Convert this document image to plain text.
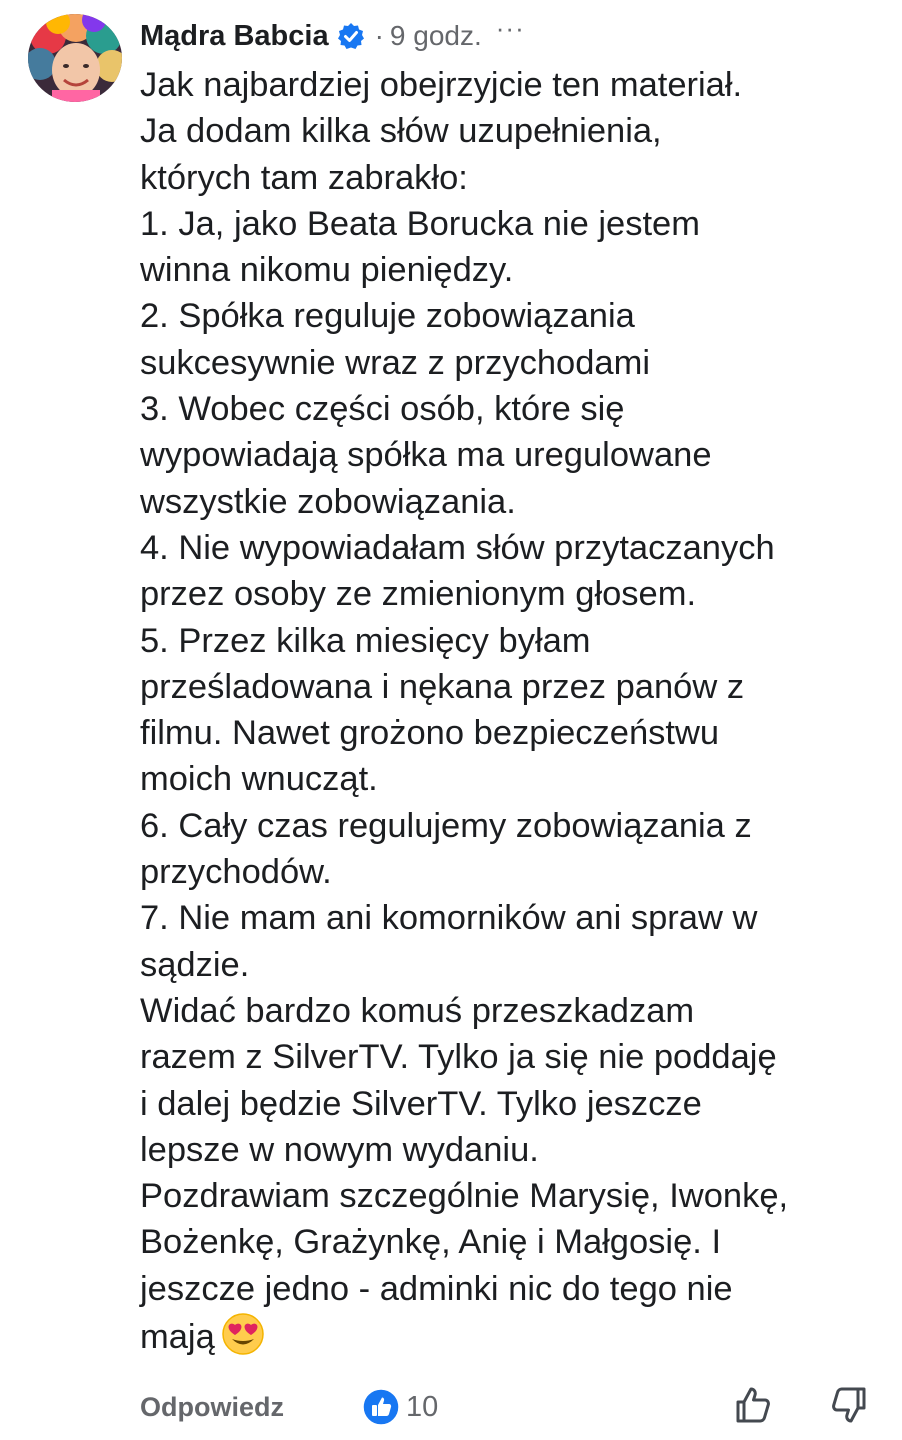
Mądra Babcia · 9 godz. ···
Jak najbardziej obejrzyjcie ten materiał.
Ja dodam kilka słów uzupełnienia,
których tam zabrakło:
1. Ja, jako Beata Borucka nie jestem
winna nikomu pieniędzy.
2. Spółka reguluje zobowiązania
sukcesywnie wraz z przychodami
3. Wobec części osób, które się
wypowiadają spółka ma uregulowane
wszystkie zobowiązania.
4. Nie wypowiadałam słów przytaczanych
przez osoby ze zmienionym głosem.
5. Przez kilka miesięcy byłam
prześladowana i nękana przez panów z
filmu. Nawet grożono bezpieczeństwu
moich wnucząt.
6. Cały czas regulujemy zobowiązania z
przychodów.
7. Nie mam ani komorników ani spraw w
sądzie.
Widać bardzo komuś przeszkadzam
razem z SilverTV. Tylko ja się nie poddaję
i dalej będzie SilverTV. Tylko jeszcze
lepsze w nowym wydaniu.
Pozdrawiam szczególnie Marysię, Iwonkę,
Bożenkę, Grażynkę, Anię i Małgosię. I
jeszcze jedno - adminki nic do tego nie
mają
Odpowiedz	10
